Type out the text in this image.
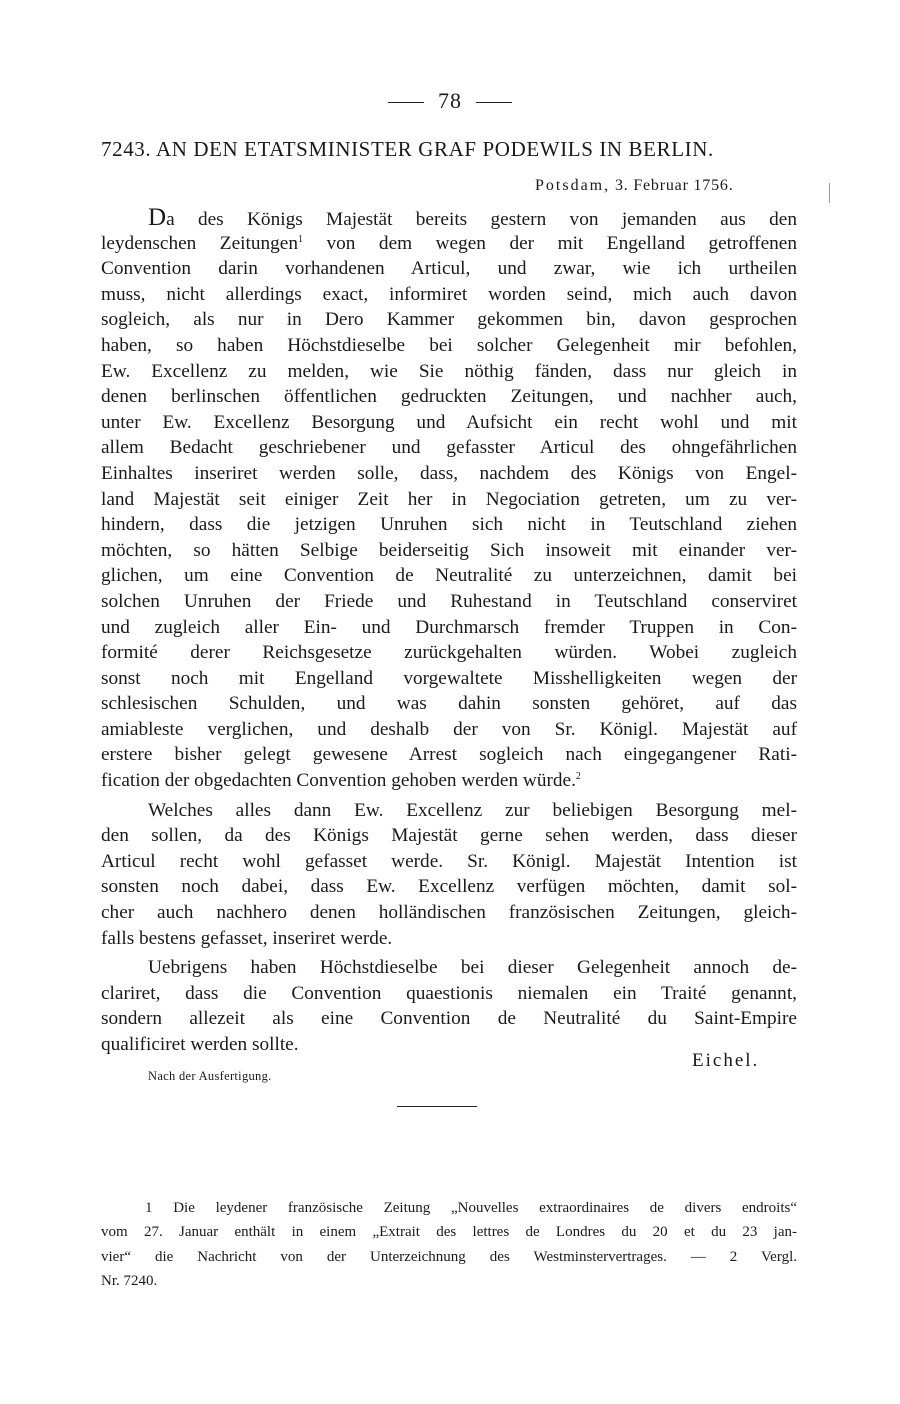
78
7243. AN DEN ETATSMINISTER GRAF PODEWILS IN BERLIN.
Potsdam, 3. Februar 1756.

Da des Königs Majestät bereits gestern von jemanden aus den
leydenschen Zeitungen$^1$ von dem wegen der mit Engelland getroffenen
Convention darin vorhandenen Articul, und zwar, wie ich urtheilen
muss, nicht allerdings exact, informiret worden seind, mich auch davon
sogleich, als nur in Dero Kammer gekommen bin, davon gesprochen
haben, so haben Höchstdieselbe bei solcher Gelegenheit mir befohlen,
Ew. Excellenz zu melden, wie Sie nöthig fänden, dass nur gleich in
denen berlinschen öffentlichen gedruckten Zeitungen, und nachher auch,
unter Ew. Excellenz Besorgung und Aufsicht ein recht wohl und mit
allem Bedacht geschriebener und gefasster Articul des ohngefährlichen
Einhaltes inseriret werden solle, dass, nachdem des Königs von Engel-
land Majestät seit einiger Zeit her in Negociation getreten, um zu ver-
hindern, dass die jetzigen Unruhen sich nicht in Teutschland ziehen
möchten, so hätten Selbige beiderseitig Sich insoweit mit einander ver-
glichen, um eine Convention de Neutralité zu unterzeichnen, damit bei
solchen Unruhen der Friede und Ruhestand in Teutschland conserviret
und zugleich aller Ein- und Durchmarsch fremder Truppen in Con-
formité derer Reichsgesetze zurückgehalten würden. Wobei zugleich
sonst noch mit Engelland vorgewaltete Misshelligkeiten wegen der
schlesischen Schulden, und was dahin sonsten gehöret, auf das
amiableste verglichen, und deshalb der von Sr. Königl. Majestät auf
erstere bisher gelegt gewesene Arrest sogleich nach eingegangener Rati-
fication der obgedachten Convention gehoben werden würde.$^2$

Welches alles dann Ew. Excellenz zur beliebigen Besorgung mel-
den sollen, da des Königs Majestät gerne sehen werden, dass dieser
Articul recht wohl gefasset werde. Sr. Königl. Majestät Intention ist
sonsten noch dabei, dass Ew. Excellenz verfügen möchten, damit sol-
cher auch nachhero denen holländischen französischen Zeitungen, gleich-
falls bestens gefasset, inseriret werde.

Uebrigens haben Höchstdieselbe bei dieser Gelegenheit annoch de-
clariret, dass die Convention quaestionis niemalen ein Traité genannt,
sondern allezeit als eine Convention de Neutralité du Saint-Empire
qualificiret werden sollte.

Eichel.
Nach der Ausfertigung.
1 Die leydener französische Zeitung „Nouvelles extraordinaires de divers endroits“
vom 27. Januar enthält in einem „Extrait des lettres de Londres du 20 et du 23 jan-
vier“ die Nachricht von der Unterzeichnung des Westminstervertrages. — 2 Vergl.
Nr. 7240.
